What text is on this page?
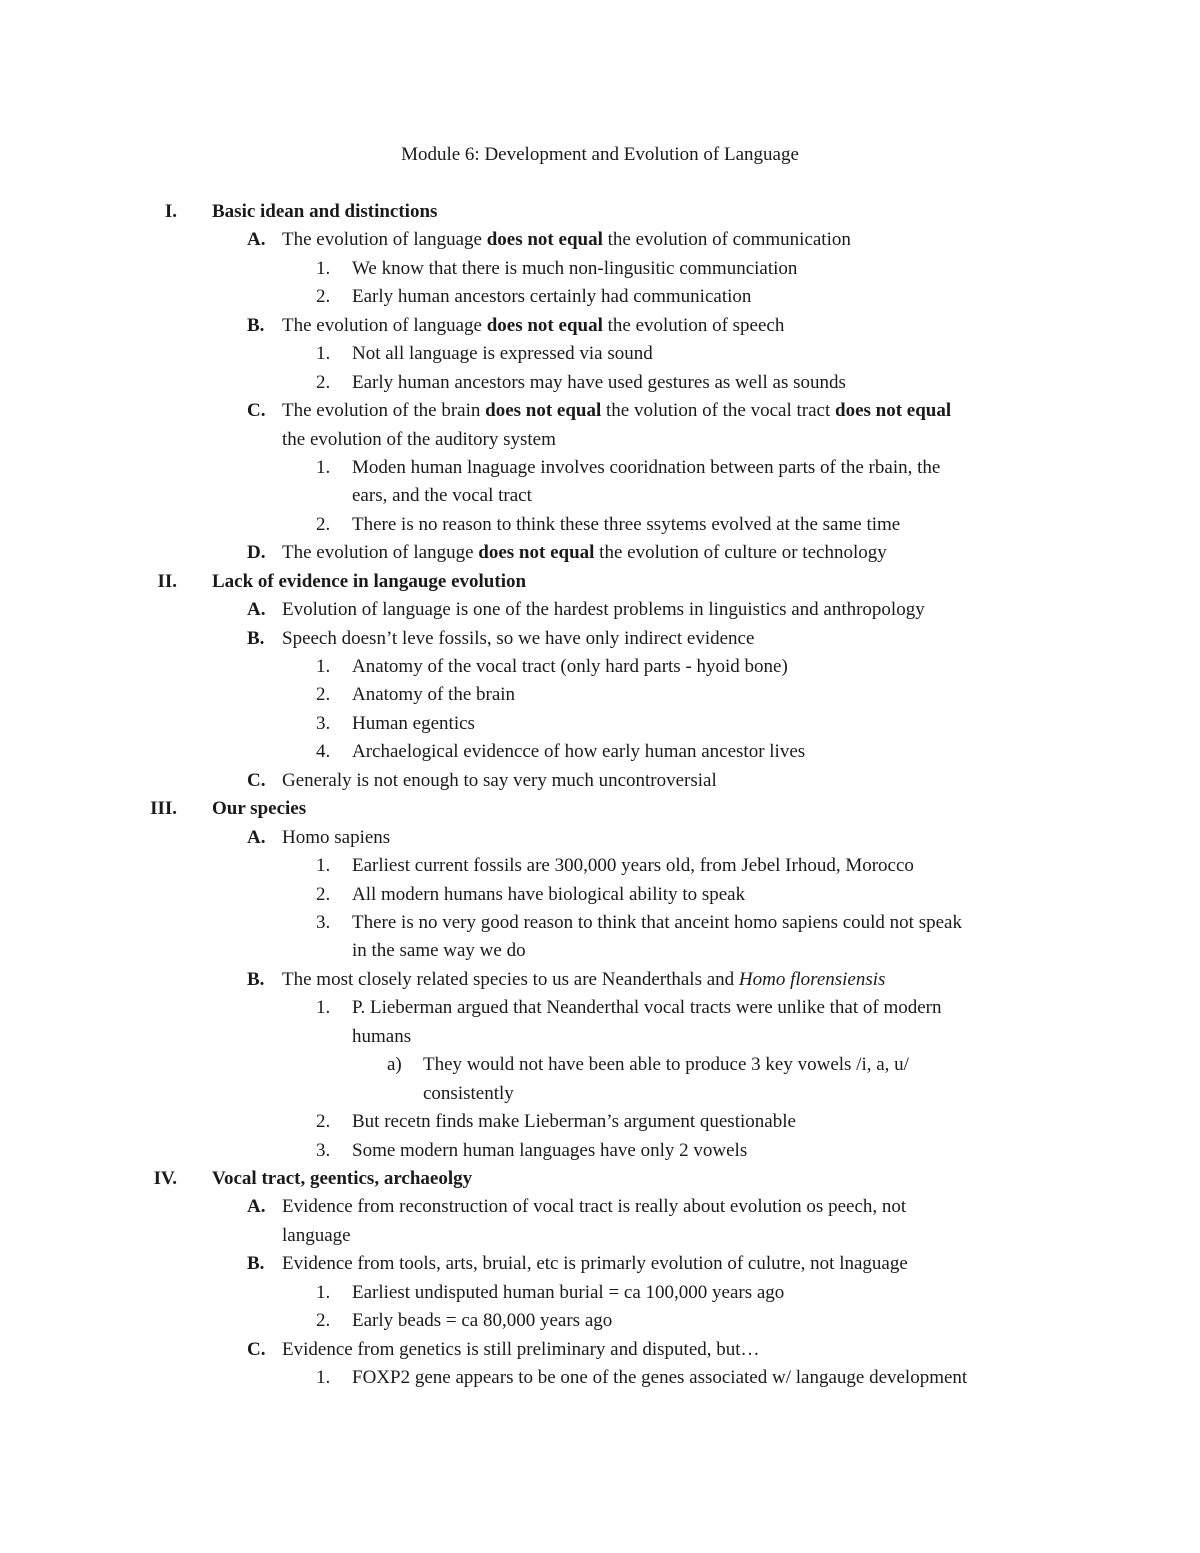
Module 6: Development and Evolution of Language
I. Basic idean and distinctions
A. The evolution of language does not equal the evolution of communication
1. We know that there is much non-lingusitic communciation
2. Early human ancestors certainly had communication
B. The evolution of language does not equal the evolution of speech
1. Not all language is expressed via sound
2. Early human ancestors may have used gestures as well as sounds
C. The evolution of the brain does not equal the volution of the vocal tract does not equal
the evolution of the auditory system
1. Moden human lnaguage involves cooridnation between parts of the rbain, the
ears, and the vocal tract
2. There is no reason to think these three ssytems evolved at the same time
D. The evolution of languge does not equal the evolution of culture or technology
II. Lack of evidence in langauge evolution
A. Evolution of language is one of the hardest problems in linguistics and anthropology
B. Speech doesn’t leve fossils, so we have only indirect evidence
1. Anatomy of the vocal tract (only hard parts - hyoid bone)
2. Anatomy of the brain
3. Human egentics
4. Archaelogical evidencce of how early human ancestor lives
C. Generaly is not enough to say very much uncontroversial
III. Our species
A. Homo sapiens
1. Earliest current fossils are 300,000 years old, from Jebel Irhoud, Morocco
2. All modern humans have biological ability to speak
3. There is no very good reason to think that anceint homo sapiens could not speak
in the same way we do
B. The most closely related species to us are Neanderthals and Homo florensiensis
1. P. Lieberman argued that Neanderthal vocal tracts were unlike that of modern
humans
a) They would not have been able to produce 3 key vowels /i, a, u/
consistently
2. But recetn finds make Lieberman’s argument questionable
3. Some modern human languages have only 2 vowels
IV. Vocal tract, geentics, archaeolgy
A. Evidence from reconstruction of vocal tract is really about evolution os peech, not
language
B. Evidence from tools, arts, bruial, etc is primarly evolution of culutre, not lnaguage
1. Earliest undisputed human burial = ca 100,000 years ago
2. Early beads = ca 80,000 years ago
C. Evidence from genetics is still preliminary and disputed, but…
1. FOXP2 gene appears to be one of the genes associated w/ langauge development
